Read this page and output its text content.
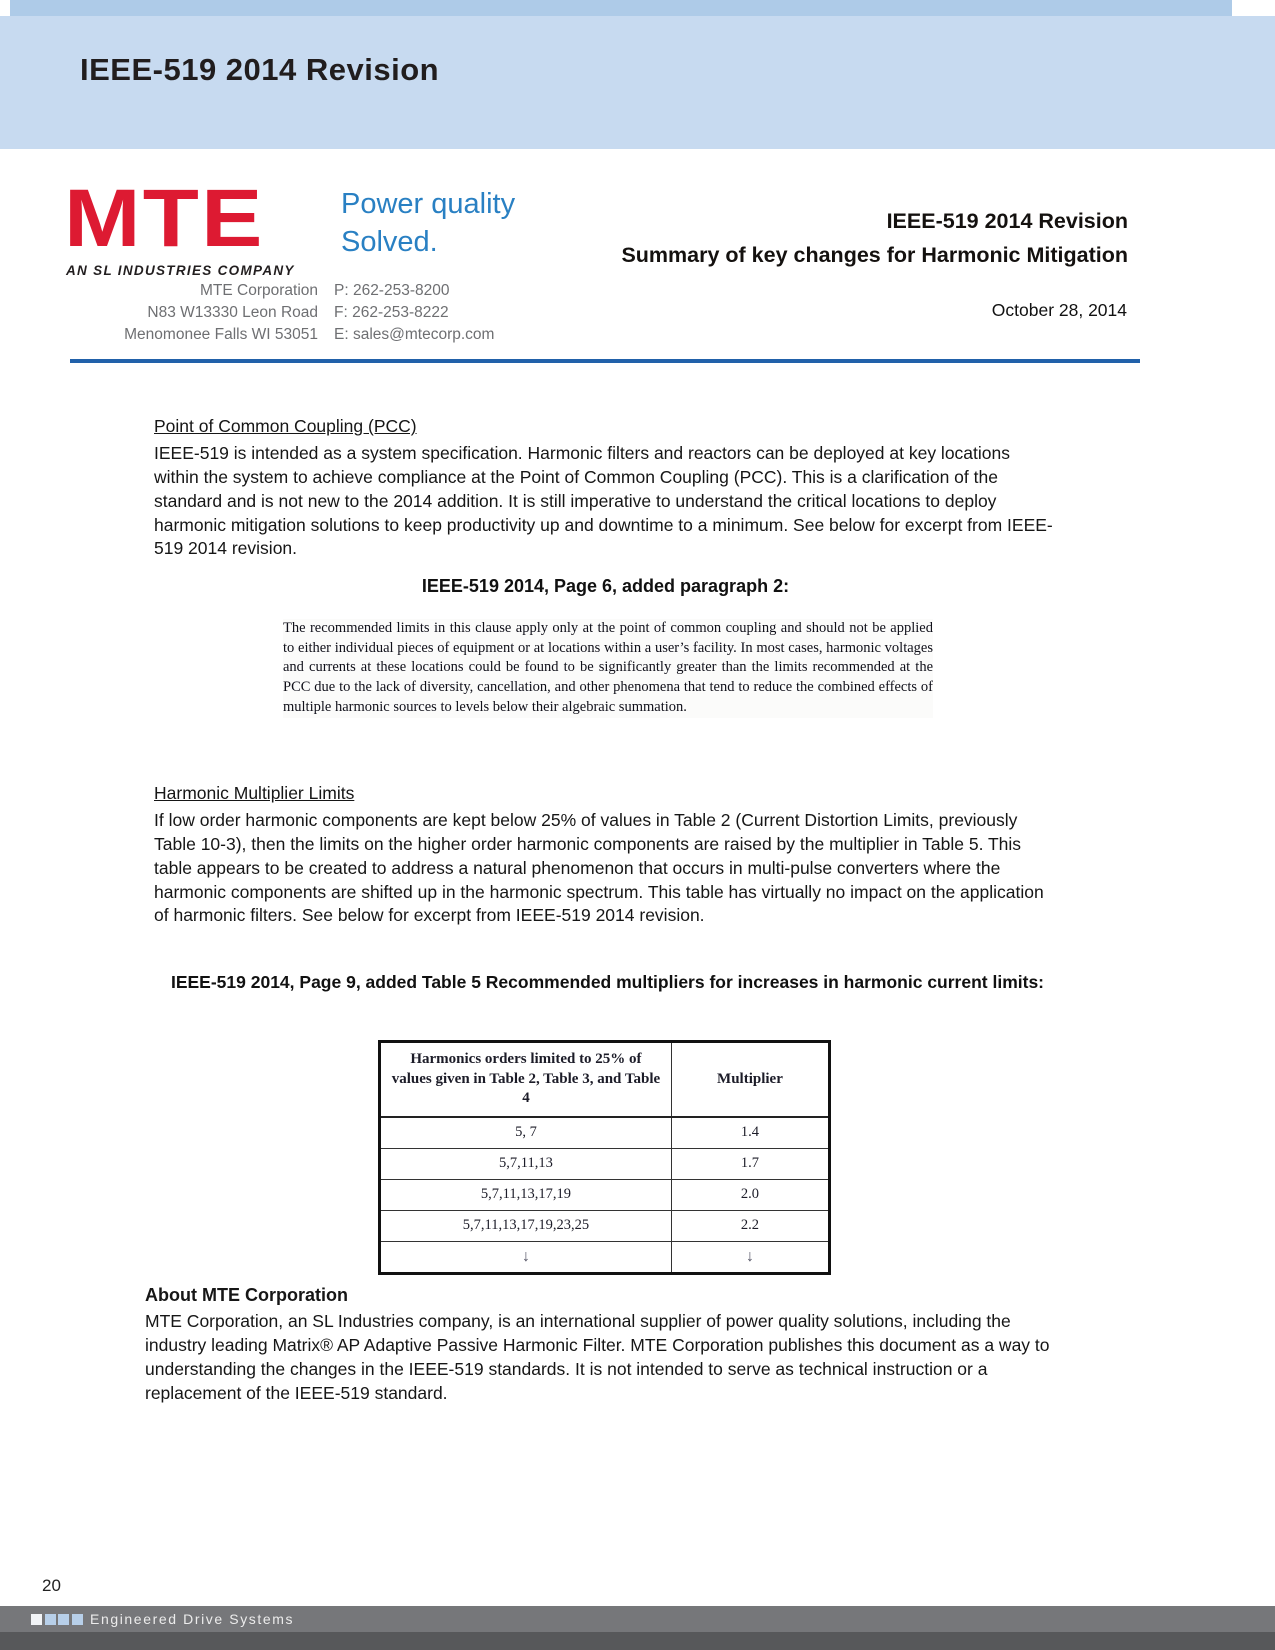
IEEE-519 2014 Revision
MTE
AN SL INDUSTRIES COMPANY
Power quality
Solved.
MTE Corporation
N83 W13330 Leon Road
Menomonee Falls WI 53051
P: 262-253-8200
F: 262-253-8222
E: sales@mtecorp.com
IEEE-519 2014 Revision
Summary of key changes for Harmonic Mitigation
October 28, 2014

Point of Common Coupling (PCC)

IEEE-519 is intended as a system specification. Harmonic filters and reactors can be deployed at key locations within the system to achieve compliance at the Point of Common Coupling (PCC). This is a clarification of the standard and is not new to the 2014 addition. It is still imperative to understand the critical locations to deploy harmonic mitigation solutions to keep productivity up and downtime to a minimum. See below for excerpt from IEEE-519 2014 revision.

IEEE-519 2014, Page 6, added paragraph 2:
The recommended limits in this clause apply only at the point of common coupling and should not be applied to either individual pieces of equipment or at locations within a user’s facility. In most cases, harmonic voltages and currents at these locations could be found to be significantly greater than the limits recommended at the PCC due to the lack of diversity, cancellation, and other phenomena that tend to reduce the combined effects of multiple harmonic sources to levels below their algebraic summation.

Harmonic Multiplier Limits

If low order harmonic components are kept below 25% of values in Table 2 (Current Distortion Limits, previously Table 10-3), then the limits on the higher order harmonic components are raised by the multiplier in Table 5. This table appears to be created to address a natural phenomenon that occurs in multi-pulse converters where the harmonic components are shifted up in the harmonic spectrum. This table has virtually no impact on the application of harmonic filters. See below for excerpt from IEEE-519 2014 revision.

IEEE-519 2014, Page 9, added Table 5 Recommended multipliers for increases in harmonic current limits:
Harmonics orders limited to 25% of values given in Table 2, Table 3, and Table 4	Multiplier
5, 7	1.4
5,7,11,13	1.7
5,7,11,13,17,19	2.0
5,7,11,13,17,19,23,25	2.2
↓	↓

About MTE Corporation

MTE Corporation, an SL Industries company, is an international supplier of power quality solutions, including the industry leading Matrix® AP Adaptive Passive Harmonic Filter. MTE Corporation publishes this document as a way to understanding the changes in the IEEE-519 standards. It is not intended to serve as technical instruction or a replacement of the IEEE-519 standard.

20
Engineered Drive Systems
